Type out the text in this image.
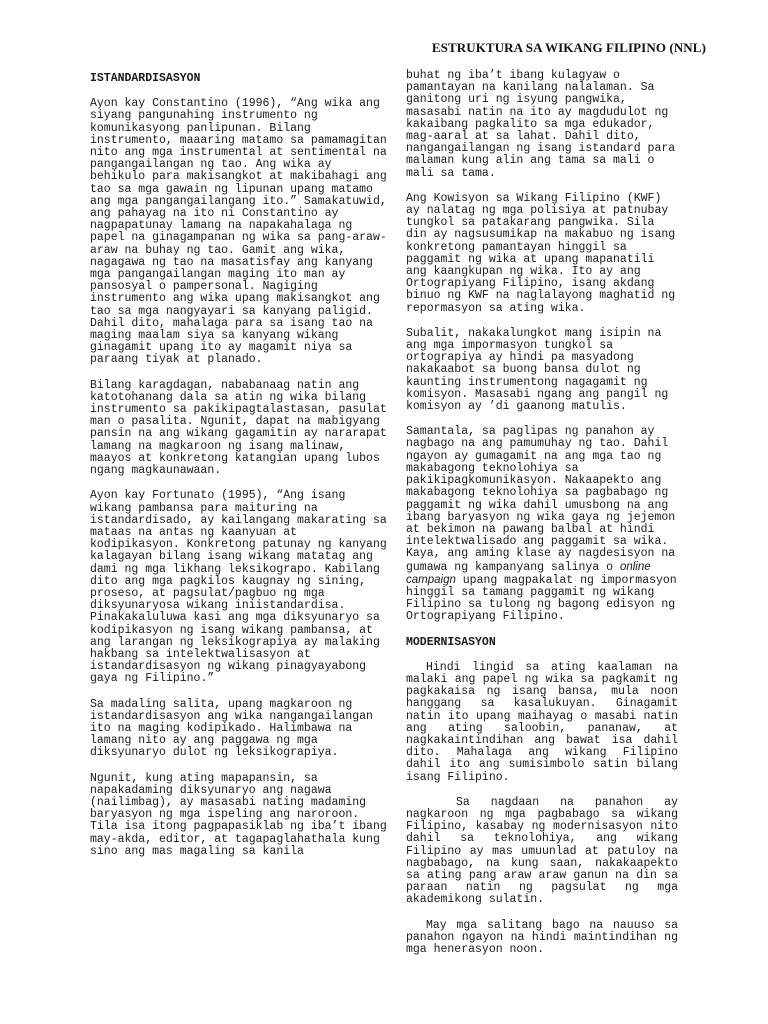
ESTRUKTURA SA WIKANG FILIPINO (NNL)
ISTANDARDISASYON

Ayon kay Constantino (1996), “Ang wika ang siyang pangunahing instrumento ng komunikasyong panlipunan. Bilang instrumento, maaaring matamo sa pamamagitan nito ang mga instrumental at sentimental na pangangailangan ng tao. Ang wika ay behikulo para makisangkot at makibahagi ang tao sa mga gawain ng lipunan upang matamo ang mga pangangailangang ito.” Samakatuwid, ang pahayag na ito ni Constantino ay nagpapatunay lamang na napakahalaga ng papel na ginagampanan ng wika sa pang-araw-araw na buhay ng tao. Gamit ang wika, nagagawa ng tao na masatisfay ang kanyang mga pangangailangan maging ito man ay pansosyal o pampersonal. Nagiging instrumento ang wika upang makisangkot ang tao sa mga nangyayari sa kanyang paligid. Dahil dito, mahalaga para sa isang tao na maging maalam siya sa kanyang wikang ginagamit upang ito ay magamit niya sa paraang tiyak at planado.

Bilang karagdagan, nababanaag natin ang katotohanang dala sa atin ng wika bilang instrumento sa pakikipagtalastasan, pasulat man o pasalita. Ngunit, dapat na mabigyang pansin na ang wikang gagamitin ay nararapat lamang na magkaroon ng isang malinaw, maayos at konkretong katangian upang lubos ngang magkaunawaan.

Ayon kay Fortunato (1995), “Ang isang wikang pambansa para maituring na istandardisado, ay kailangang makarating sa mataas na antas ng kaanyuan at kodipikasyon. Konkretong patunay ng kanyang kalagayan bilang isang wikang matatag ang dami ng mga likhang leksikograpo. Kabilang dito ang mga pagkilos kaugnay ng sining, proseso, at pagsulat/pagbuo ng mga diksyunaryosa wikang iniistandardisa. Pinakakaluluwa kasi ang mga diksyunaryo sa kodipikasyon ng isang wikang pambansa, at ang larangan ng leksikograpiya ay malaking hakbang sa intelektwalisasyon at istandardisasyon ng wikang pinagyayabong gaya ng Filipino.”

Sa madaling salita, upang magkaroon ng istandardisasyon ang wika nangangailangan ito na maging kodipikado. Halimbawa na lamang nito ay ang paggawa ng mga diksyunaryo dulot ng leksikograpiya.

Ngunit, kung ating mapapansin, sa napakadaming diksyunaryo ang nagawa (nailimbag), ay masasabi nating madaming baryasyon ng mga ispeling ang naroroon. Tila isa itong pagpapasiklab ng iba’t ibang may-akda, editor, at tagapaglahathala kung sino ang mas magaling sa kanila

buhat ng iba’t ibang kulagyaw o pamantayan na kanilang nalalaman. Sa ganitong uri ng isyung pangwika, masasabi natin na ito ay magdudulot ng kakaibang pagkalito sa mga edukador, mag-aaral at sa lahat. Dahil dito, nangangailangan ng isang istandard para malaman kung alin ang tama sa mali o mali sa tama.

Ang Kowisyon sa Wikang Filipino (KWF) ay nalatag ng mga polisiya at patnubay tungkol sa patakarang pangwika. Sila din ay nagsusumikap na makabuo ng isang konkretong pamantayan hinggil sa paggamit ng wika at upang mapanatili ang kaangkupan ng wika. Ito ay ang Ortograpiyang Filipino, isang akdang binuo ng KWF na naglalayong maghatid ng repormasyon sa ating wika.

Subalit, nakakalungkot mang isipin na ang mga impormasyon tungkol sa ortograpiya ay hindi pa masyadong nakakaabot sa buong bansa dulot ng kaunting instrumentong nagagamit ng komisyon. Masasabi ngang ang pangil ng komisyon ay ’di gaanong matulis.

Samantala, sa paglipas ng panahon ay nagbago na ang pamumuhay ng tao. Dahil ngayon ay gumagamit na ang mga tao ng makabagong teknolohiya sa pakikipagkomunikasyon. Nakaapekto ang makabagong teknolohiya sa pagbabago ng paggamit ng wika dahil umusbong na ang ibang baryasyon ng wika gaya ng jejemon at bekimon na pawang balbal at hindi intelektwalisado ang paggamit sa wika. Kaya, ang aming klase ay nagdesisyon na gumawa ng kampanyang salinya o online campaign upang magpakalat ng impormasyon hinggil sa tamang paggamit ng wikang Filipino sa tulong ng bagong edisyon ng Ortograpiyang Filipino.

MODERNISASYON

Hindi lingid sa ating kaalaman na malaki ang papel ng wika sa pagkamit ng pagkakaisa ng isang bansa, mula noon hanggang sa kasalukuyan. Ginagamit natin ito upang maihayag o masabi natin ang ating saloobin, pananaw, at nagkakaintindihan ang bawat isa dahil dito. Mahalaga ang wikang Filipino dahil ito ang sumisimbolo satin bilang isang Filipino.

Sa nagdaan na panahon ay nagkaroon ng mga pagbabago sa wikang Filipino, kasabay ng modernisasyon nito dahil sa teknolohiya, ang wikang Filipino ay mas umuunlad at patuloy na nagbabago, na kung saan, nakakaapekto sa ating pang araw araw ganun na din sa paraan natin ng pagsulat ng mga akademikong sulatin.

May mga salitang bago na nauuso sa panahon ngayon na hindi maintindihan ng mga henerasyon noon.
